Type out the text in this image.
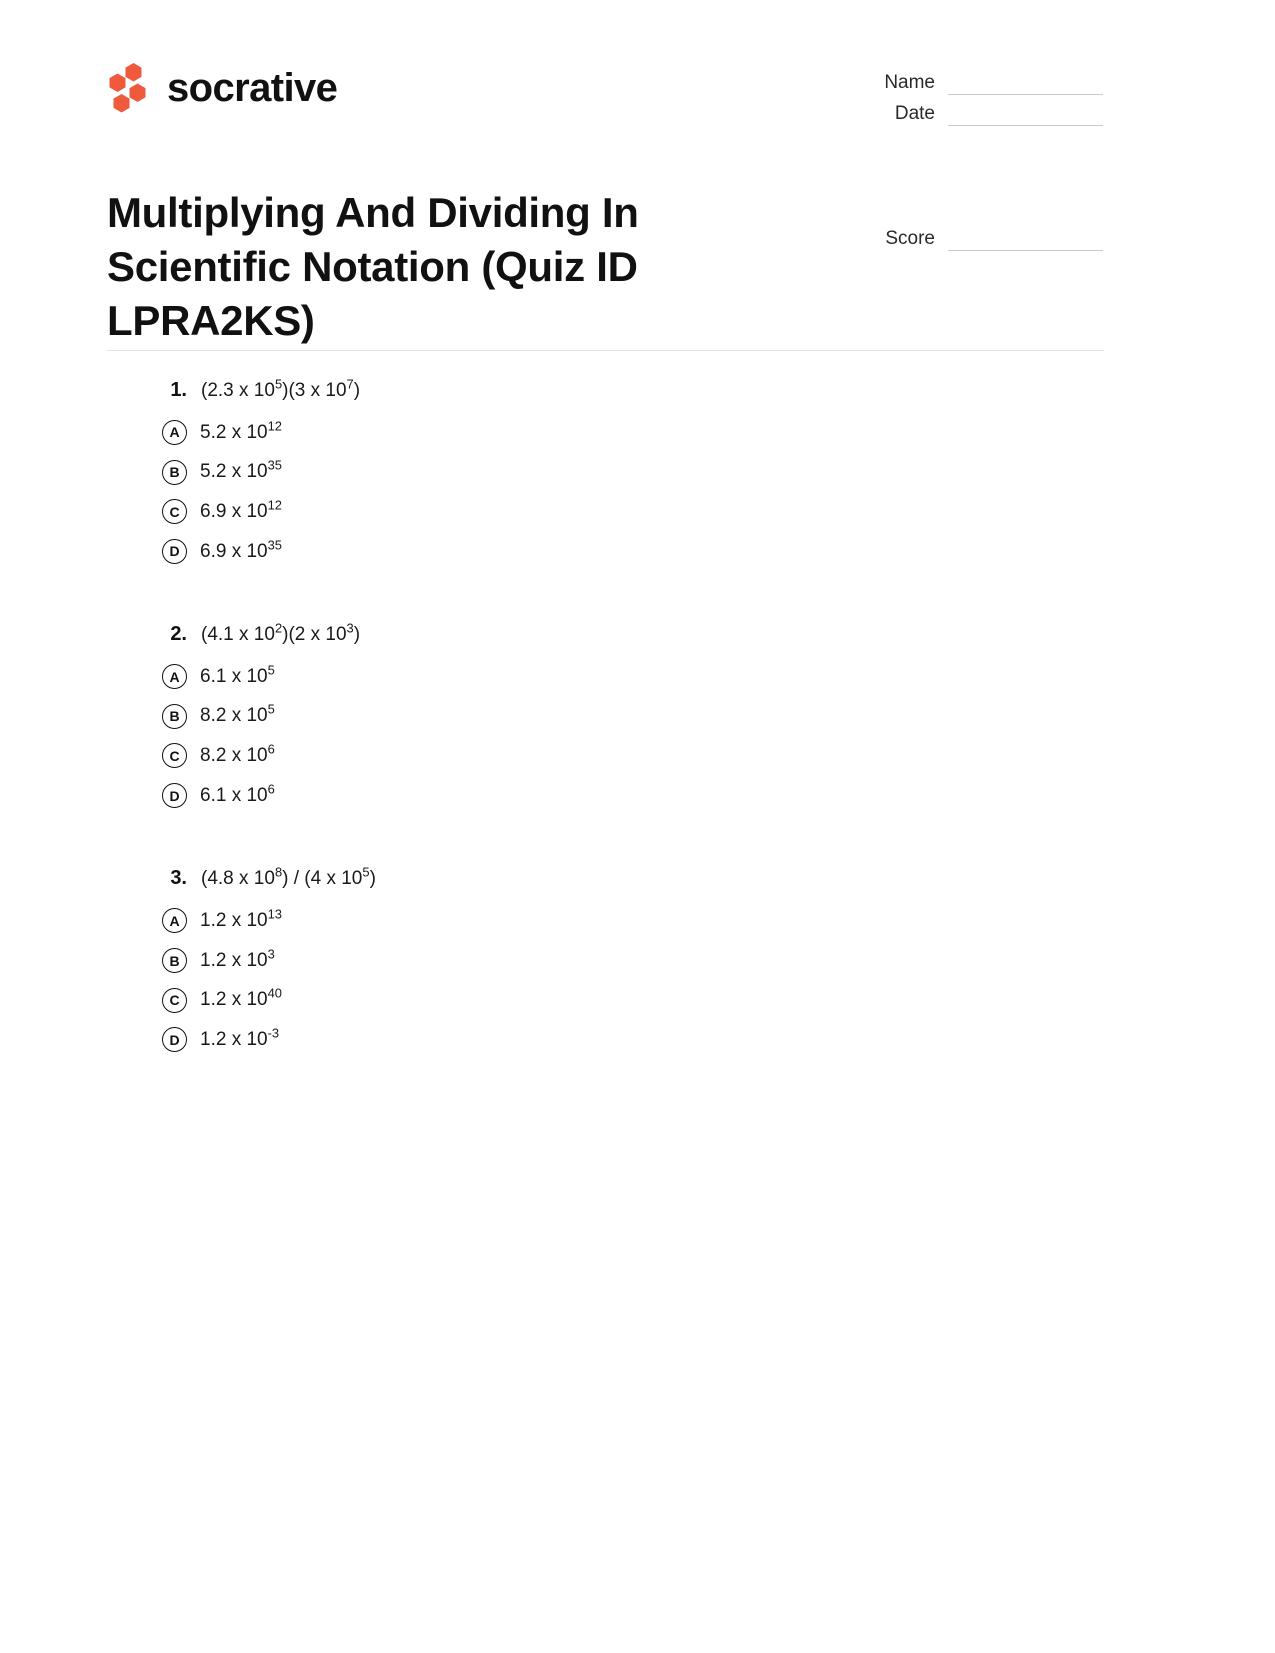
socrative	Name
Date
Score
Multiplying And Dividing In Scientific Notation (Quiz ID LPRA2KS)
1. (2.3 x $10^5)(3$ x $10^7$)
A	5.2 x $10^{12}$
B	5.2 x $10^{35}$
C	6.9 x $10^{12}$
D	6.9 x $10^{35}$
2. (4.1 x $10^2)(2$ x $10^3$)
A	6.1 x $10^5$
B	8.2 x $10^5$
C	8.2 x $10^6$
D	6.1 x $10^6$
3. (4.8 x $10^8) / (4$ x $10^5$)
A	1.2 x $10^{13}$
B	1.2 x $10^3$
C	1.2 x $10^{40}$
D	1.2 x $10^{-3}$
